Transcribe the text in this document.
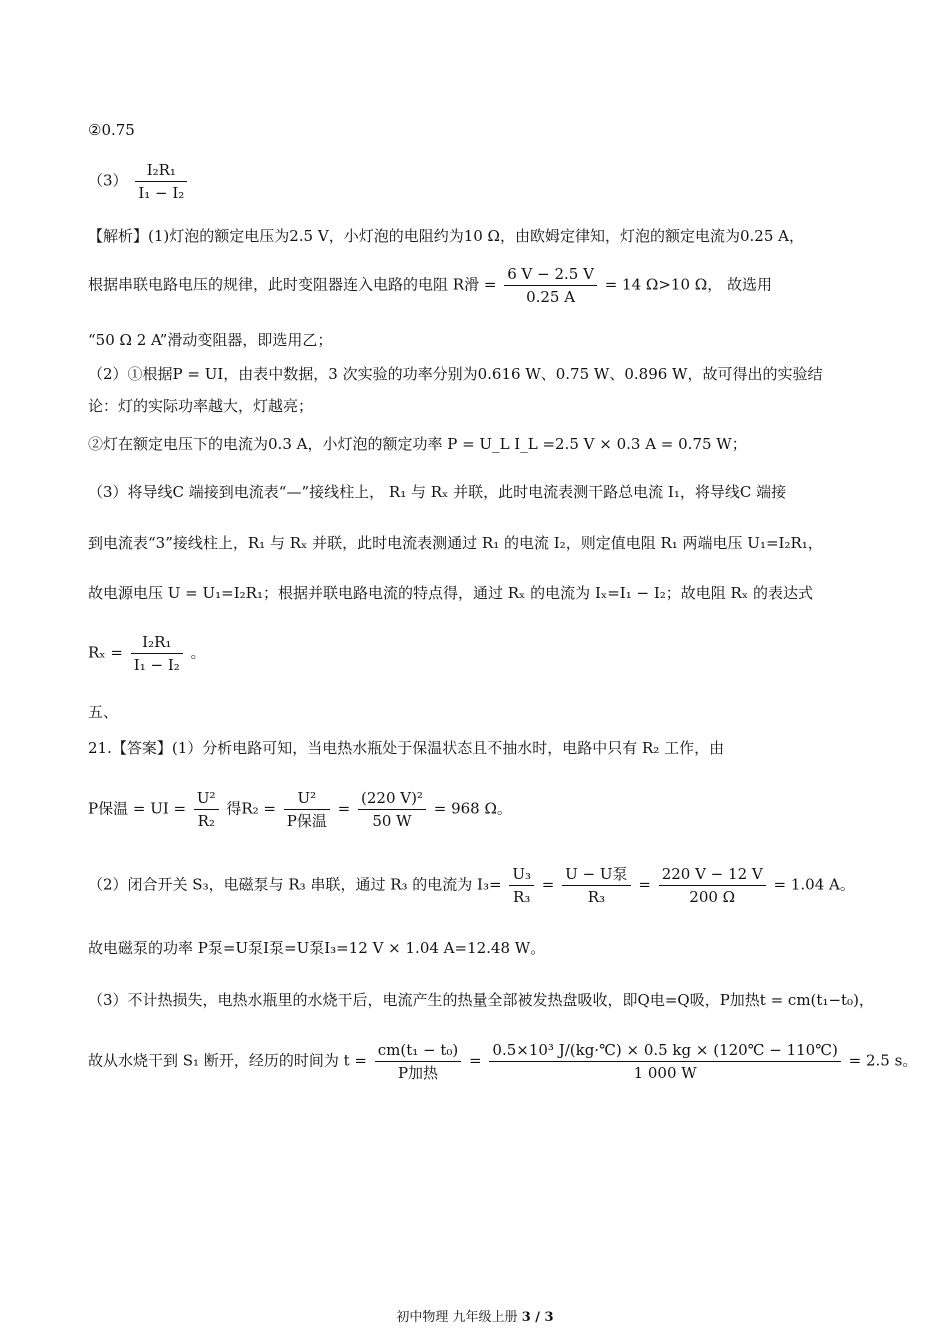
②0.75
$(3) \frac{\text{I₂R₁}}{\text{I₁ − I₂}}$
【解析】(1)灯泡的额定电压为2.5 V，小灯泡的电阻约为10 Ω，由欧姆定律知，灯泡的额定电流为0.25 A，
根据串联电路电压的规律，此时变阻器连入电路的电阻 R滑 = $\frac{6 V - 2.5 V}{0.25 A} = 14$ Ω>10 Ω， 故选用
“50 Ω 2 A”滑动变阻器，即选用乙；
（2）①根据P = UI，由表中数据，3 次实验的功率分别为0.616 W、0.75 W、0.896 W，故可得出的实验结
论：灯的实际功率越大，灯越亮；
②灯在额定电压下的电流为0.3 A，小灯泡的额定功率 P = U_L I_L =2.5 V × 0.3 A = 0.75 W；
（3）将导线C 端接到电流表“—”接线柱上， R₁ 与 Rₓ 并联，此时电流表测干路总电流 I₁，将导线C 端接
到电流表“3”接线柱上，R₁ 与 Rₓ 并联，此时电流表测通过 R₁ 的电流 I₂，则定值电阻 R₁ 两端电压 U₁=I₂R₁，
故电源电压 U = U₁=I₂R₁；根据并联电路电流的特点得，通过 Rₓ 的电流为 Iₓ=I₁ − I₂；故电阻 Rₓ 的表达式
$R_x = \frac{\text{I₂R₁}}{\text{I₁ − I₂}}$ 。
五、
21.【答案】(1）分析电路可知，当电热水瓶处于保温状态且不抽水时，电路中只有 R₂ 工作，由
P保温 = UI = $\frac{\text{U²}}{\text{R₂}}$ 得$R_2 = \frac{\text{U²}}{\text{P保温}} = \frac{\text{(220 V)²}}{50 W} = 968$ Ω。
（2）闭合开关 S₃，电磁泵与 R₃ 串联，通过 R₃ 的电流为 $I_3= \frac{\text{U₃}}{\text{R₃}} = \frac{\text{U − U泵}}{\text{R₃}} = \frac{220 V - 12 V}{200 \Omega} = 1.04$ A。
故电磁泵的功率 P泵=U泵I泵=U泵I₃=12 V × 1.04 A=12.48 W。
（3）不计热损失，电热水瓶里的水烧干后，电流产生的热量全部被发热盘吸收，即Q电=Q吸，P加热t = cm(t₁−t₀)，
故从水烧干到 S₁ 断开，经历的时间为 $t = \frac{\text{cm(t₁ − t₀)}}{\text{P加热}} = \frac{\text{0.5×10³ J/(kg·℃) × 0.5 kg × (120℃ − 110℃)}}{1 000 W} = 2.5$ s。
初中物理 九年级上册 3 / 3
